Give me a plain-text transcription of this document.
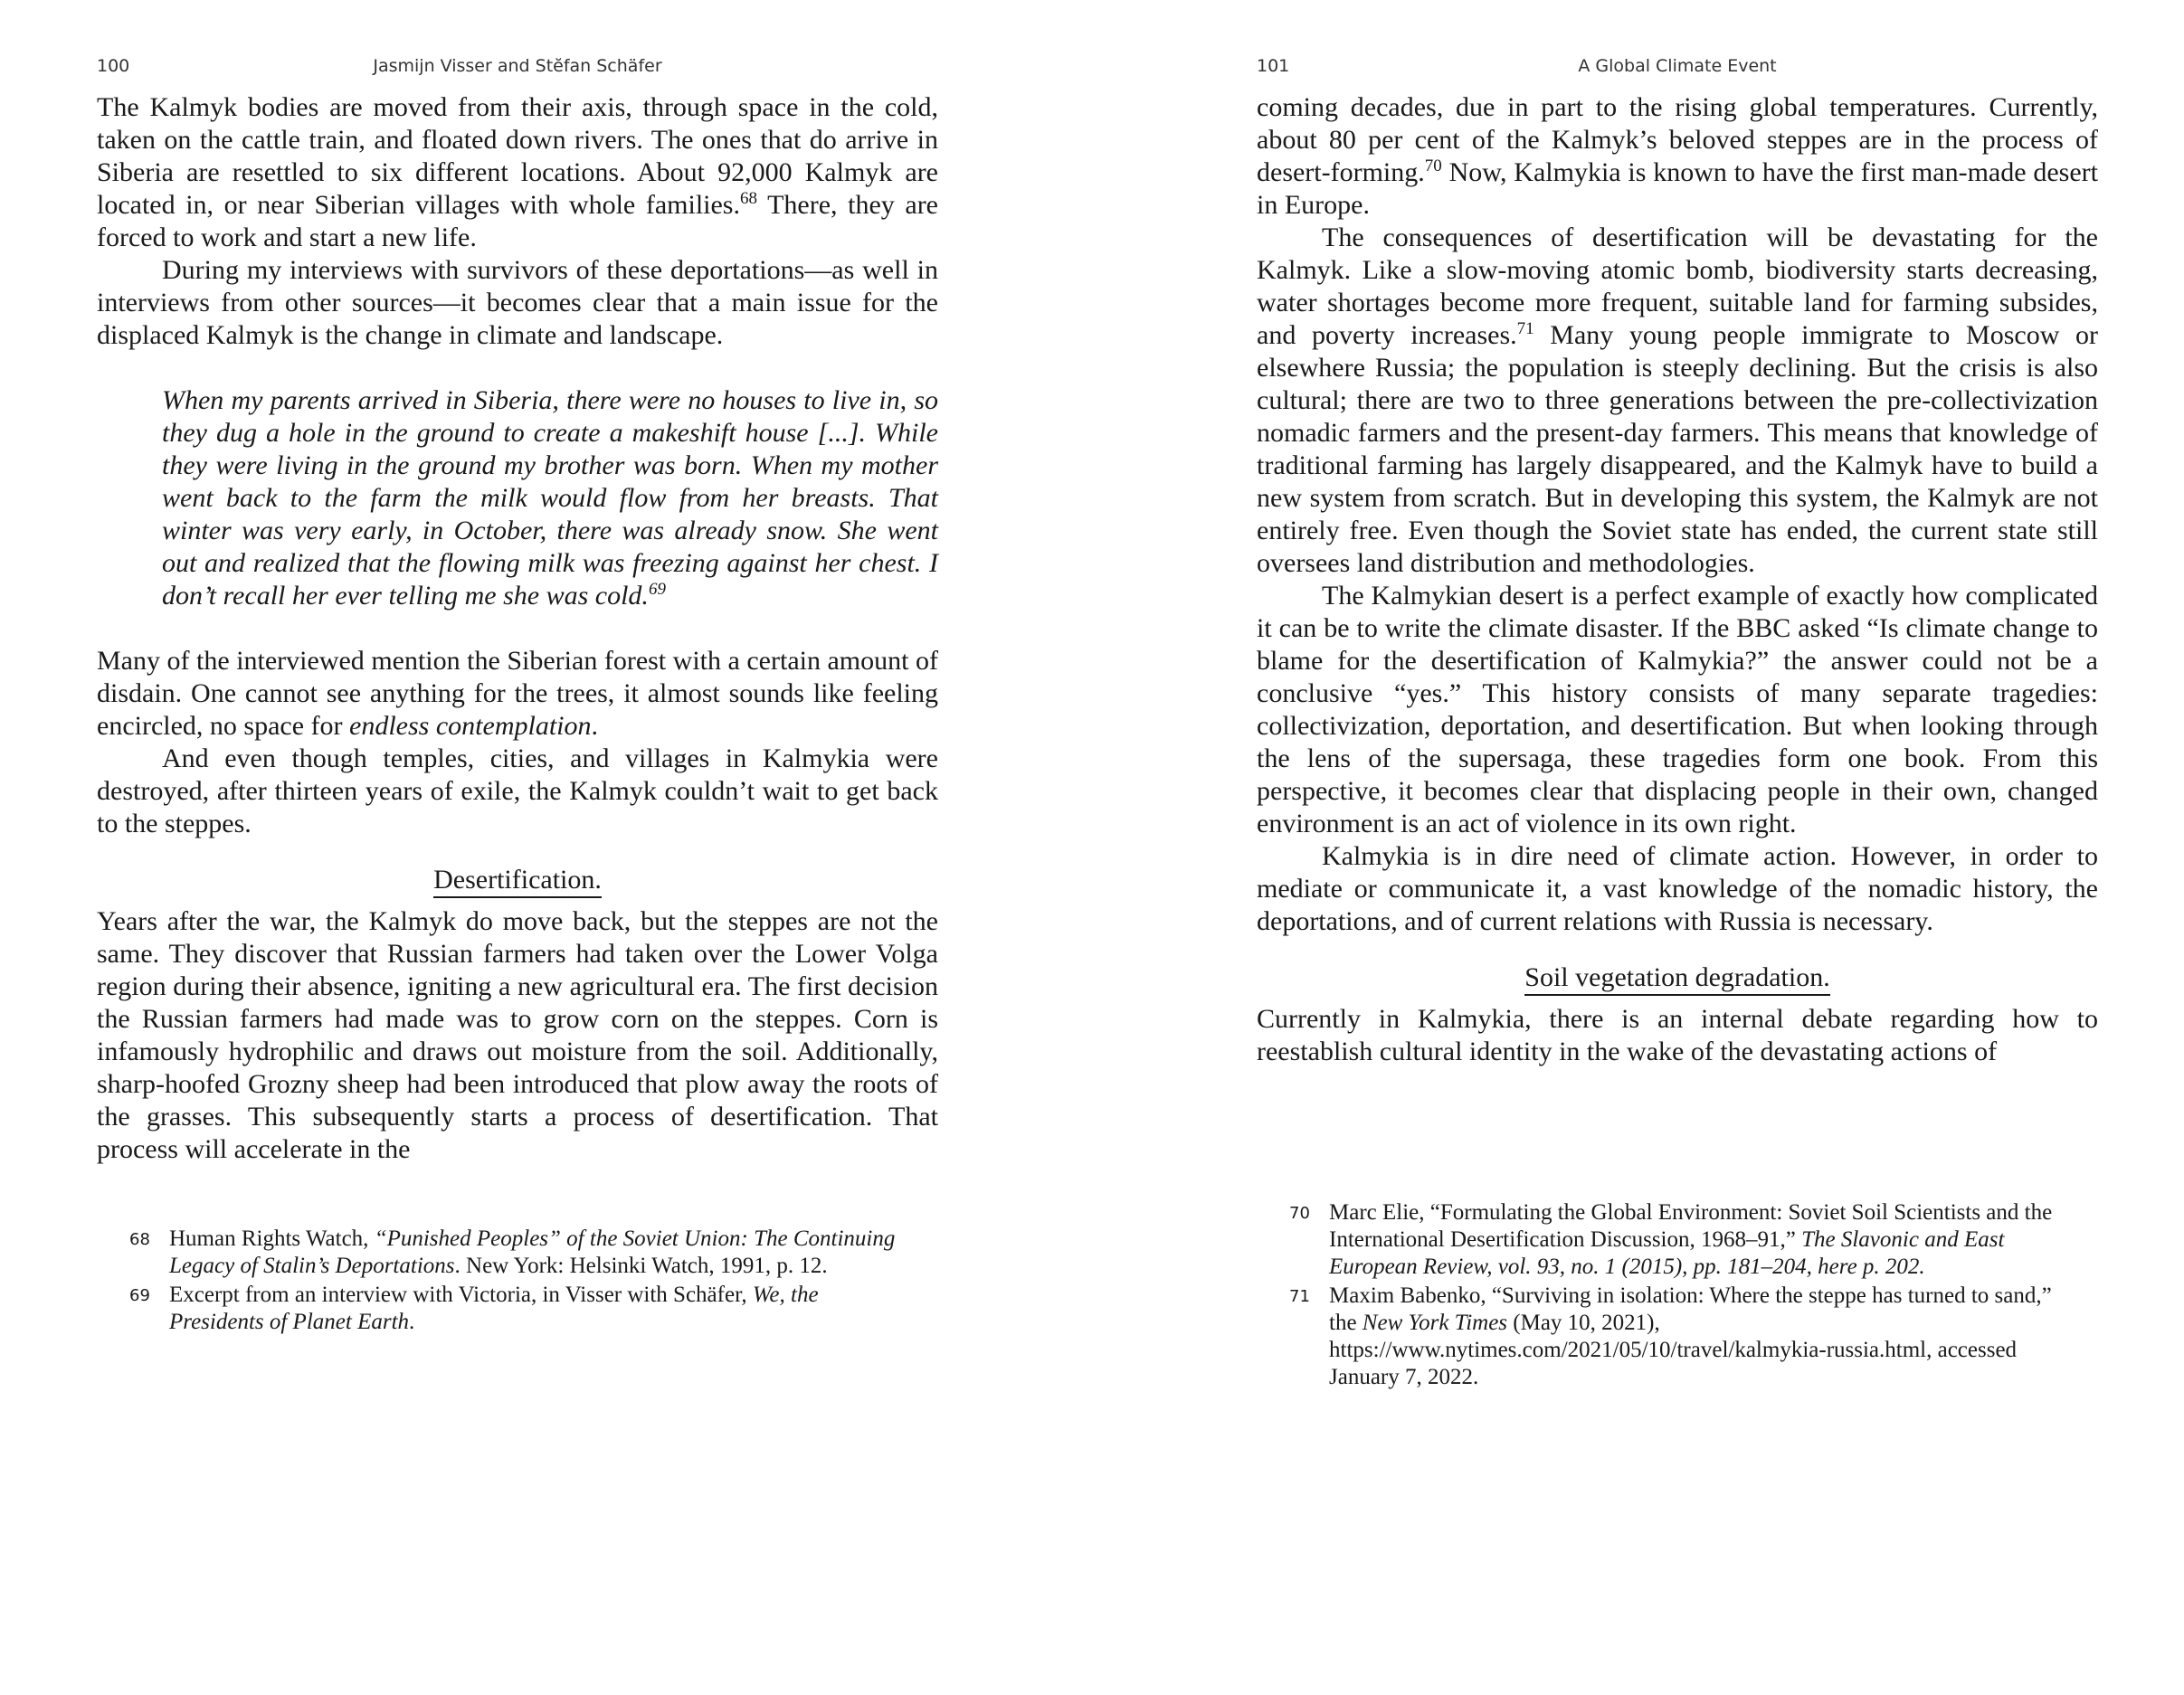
100	Jasmijn Visser and Stĕfan Schäfer

The Kalmyk bodies are moved from their axis, through space in the cold, taken on the cattle train, and floated down rivers. The ones that do arrive in Siberia are resettled to six different locations. About 92,000 Kalmyk are located in, or near Siberian villages with whole families.$^{68}$ There, they are forced to work and start a new life.

During my interviews with survivors of these deportations—as well in interviews from other sources—it becomes clear that a main issue for the displaced Kalmyk is the change in climate and landscape.

When my parents arrived in Siberia, there were no houses to live in, so they dug a hole in the ground to create a makeshift house [...]. While they were living in the ground my brother was born. When my mother went back to the farm the milk would flow from her breasts. That winter was very early, in October, there was already snow. She went out and realized that the flowing milk was freezing against her chest. I don’t recall her ever telling me she was cold.$^{69}$

Many of the interviewed mention the Siberian forest with a certain amount of disdain. One cannot see anything for the trees, it almost sounds like feeling encircled, no space for endless contemplation.

And even though temples, cities, and villages in Kalmykia were destroyed, after thirteen years of exile, the Kalmyk couldn’t wait to get back to the steppes.

Desertification.

Years after the war, the Kalmyk do move back, but the steppes are not the same. They discover that Russian farmers had taken over the Lower Volga region during their absence, igniting a new agricultural era. The first decision the Russian farmers had made was to grow corn on the steppes. Corn is infamously hydrophilic and draws out moisture from the soil. Additionally, sharp-hoofed Grozny sheep had been introduced that plow away the roots of the grasses. This subsequently starts a process of desertification. That process will accelerate in the

68 Human Rights Watch, “Punished Peoples” of the Soviet Union: The Continuing Legacy of Stalin’s Deportations. New York: Helsinki Watch, 1991, p. 12.
69 Excerpt from an interview with Victoria, in Visser with Schäfer, We, the Presidents of Planet Earth.
101	A Global Climate Event

coming decades, due in part to the rising global temperatures. Currently, about 80 per cent of the Kalmyk’s beloved steppes are in the process of desert-forming.$^{70}$ Now, Kalmykia is known to have the first man-made desert in Europe.

The consequences of desertification will be devastating for the Kalmyk. Like a slow-moving atomic bomb, biodiversity starts decreasing, water shortages become more frequent, suitable land for farming subsides, and poverty increases.$^{71}$ Many young people immigrate to Moscow or elsewhere Russia; the population is steeply declining. But the crisis is also cultural; there are two to three generations between the pre-collectivization nomadic farmers and the present-day farmers. This means that knowledge of traditional farming has largely disappeared, and the Kalmyk have to build a new system from scratch. But in developing this system, the Kalmyk are not entirely free. Even though the Soviet state has ended, the current state still oversees land distribution and methodologies.

The Kalmykian desert is a perfect example of exactly how complicated it can be to write the climate disaster. If the BBC asked “Is climate change to blame for the desertification of Kalmykia?” the answer could not be a conclusive “yes.” This history consists of many separate tragedies: collectivization, deportation, and desertification. But when looking through the lens of the supersaga, these tragedies form one book. From this perspective, it becomes clear that displacing people in their own, changed environment is an act of violence in its own right.

Kalmykia is in dire need of climate action. However, in order to mediate or communicate it, a vast knowledge of the nomadic history, the deportations, and of current relations with Russia is necessary.

Soil vegetation degradation.

Currently in Kalmykia, there is an internal debate regarding how to reestablish cultural identity in the wake of the devastating actions of

70 Marc Elie, “Formulating the Global Environment: Soviet Soil Scientists and the International Desertification Discussion, 1968–91,” The Slavonic and East European Review, vol. 93, no. 1 (2015), pp. 181–204, here p. 202.
71 Maxim Babenko, “Surviving in isolation: Where the steppe has turned to sand,” the New York Times (May 10, 2021), https://www.nytimes.com/2021/05/10/travel/kalmykia-russia.html, accessed January 7, 2022.
